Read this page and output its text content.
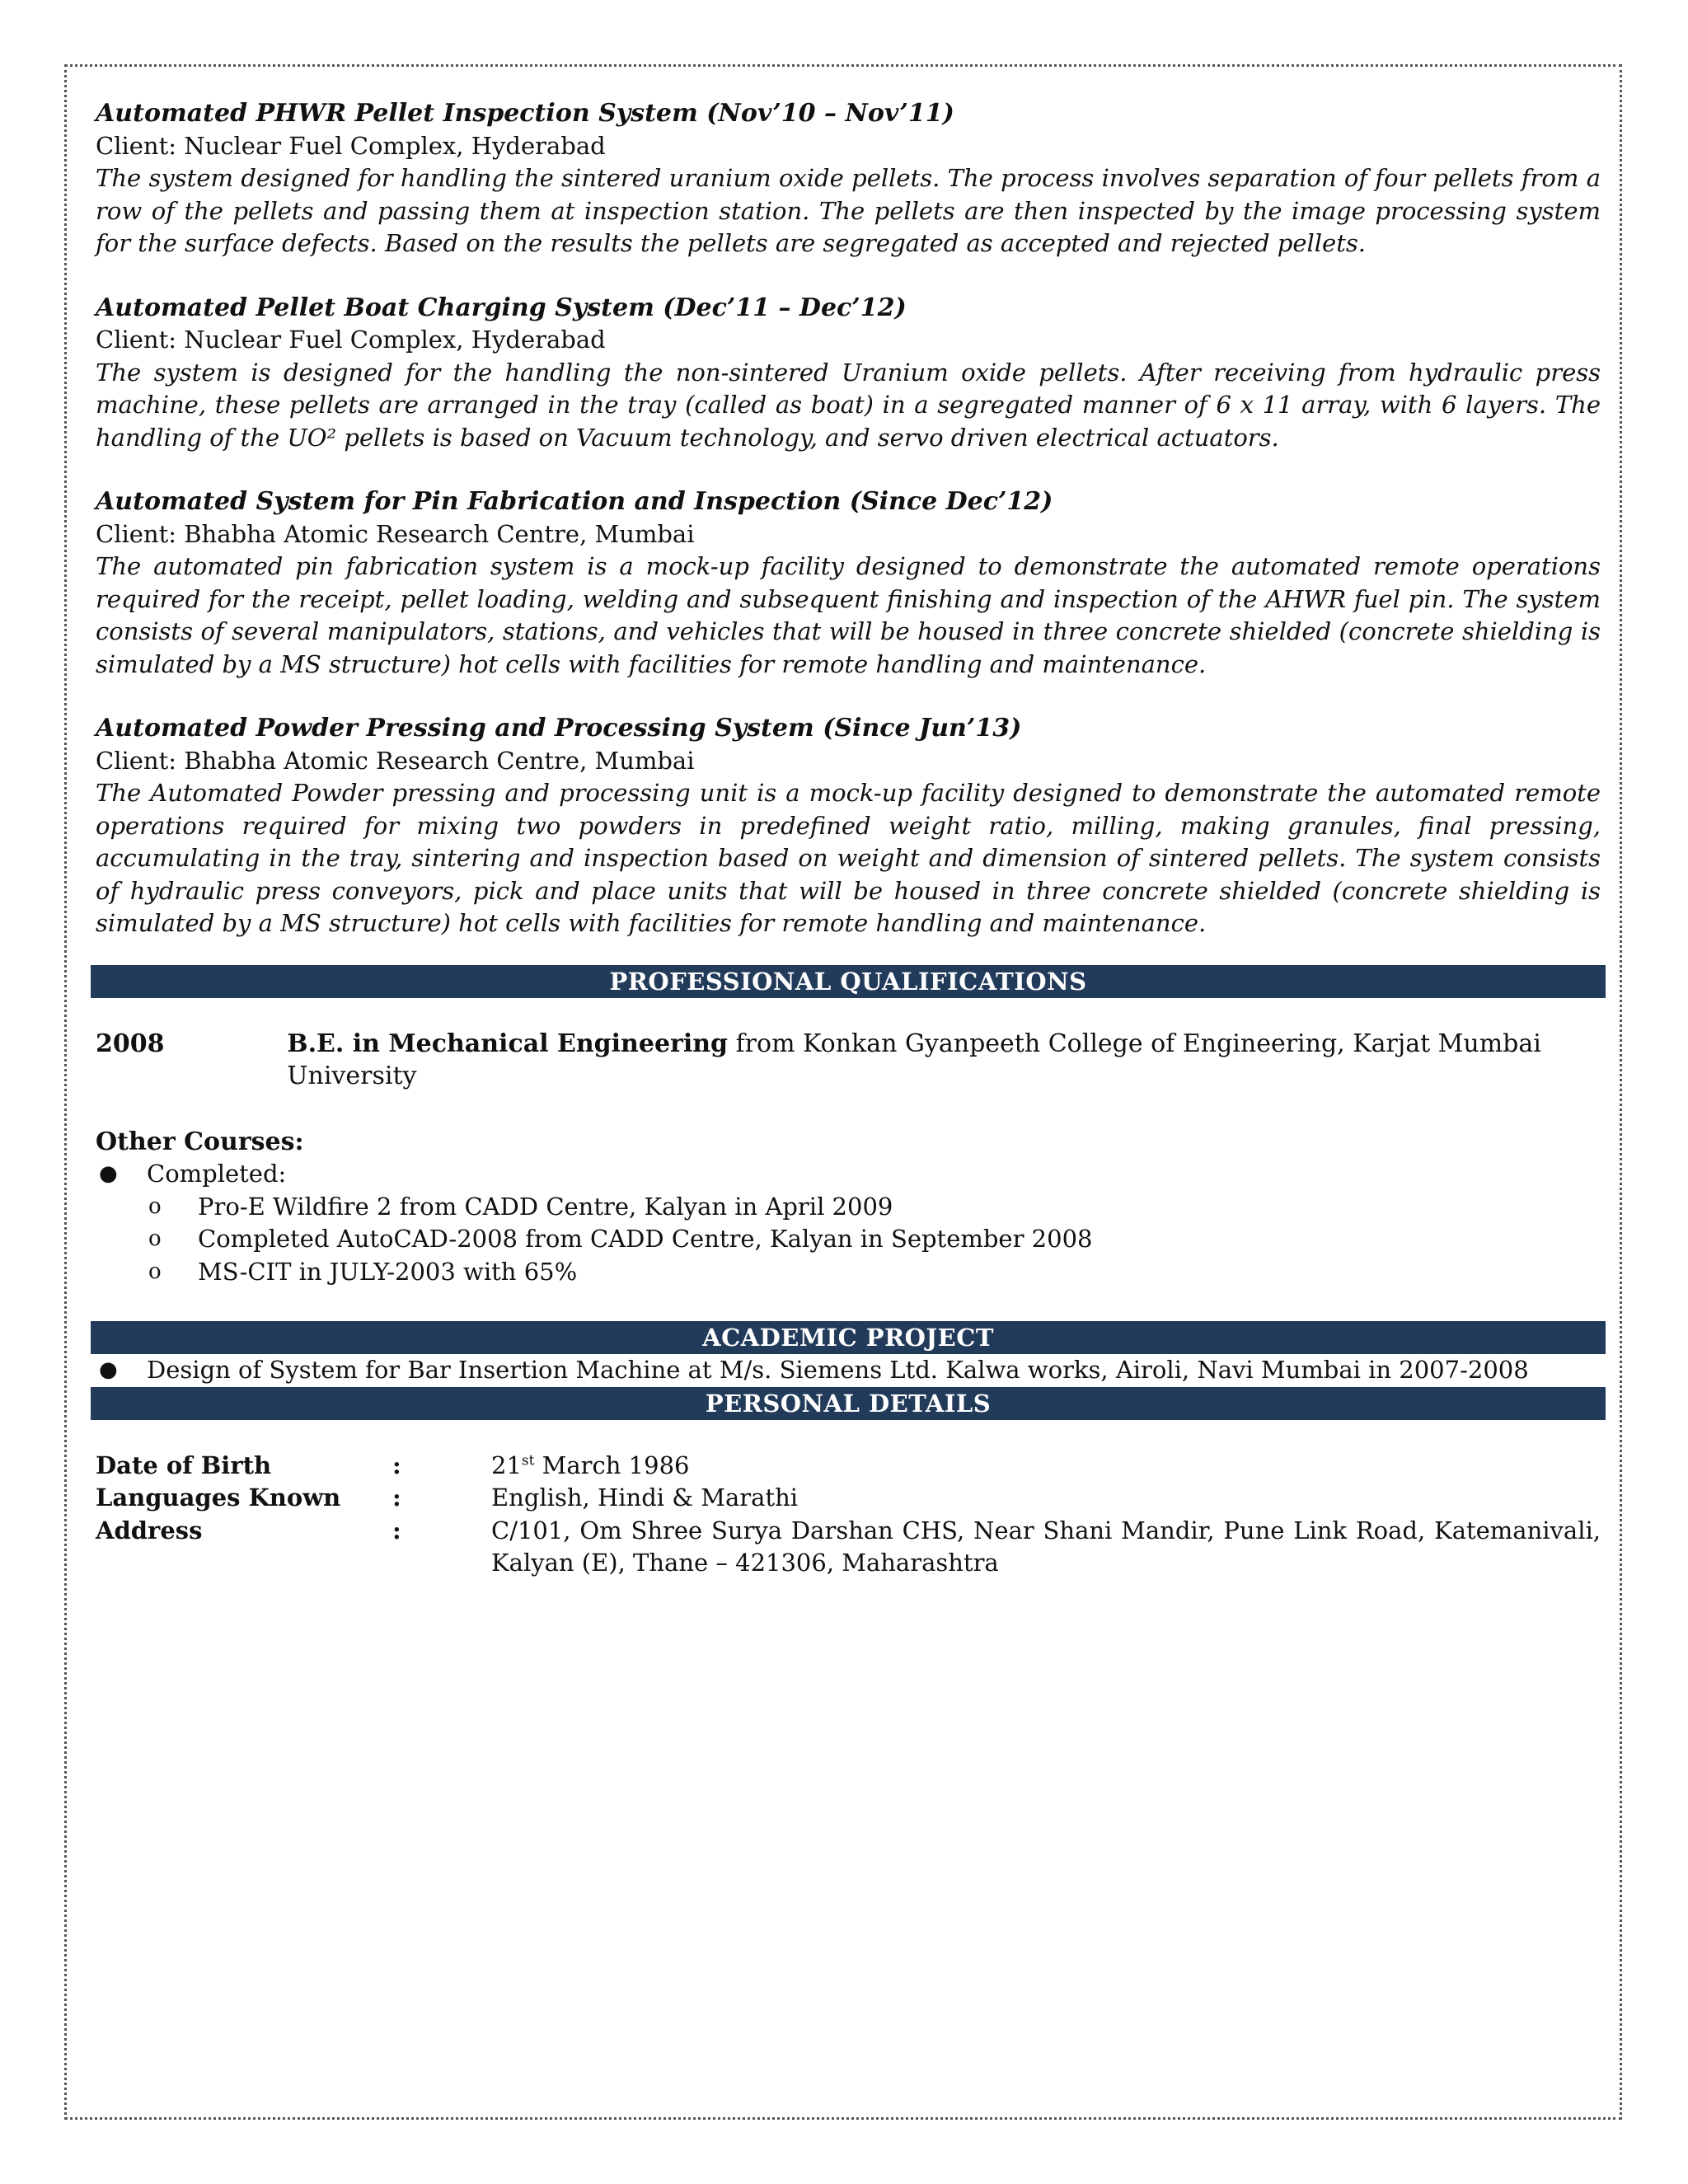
Automated PHWR Pellet Inspection System (Nov’10 – Nov’11)
Client: Nuclear Fuel Complex, Hyderabad
The system designed for handling the sintered uranium oxide pellets. The process involves separation of four pellets from a row of the pellets and passing them at inspection station. The pellets are then inspected by the image processing system for the surface defects. Based on the results the pellets are segregated as accepted and rejected pellets.
Automated Pellet Boat Charging System (Dec’11 – Dec’12)
Client: Nuclear Fuel Complex, Hyderabad
The system is designed for the handling the non-sintered Uranium oxide pellets. After receiving from hydraulic press machine, these pellets are arranged in the tray (called as boat) in a segregated manner of 6 x 11 array, with 6 layers. The handling of the UO² pellets is based on Vacuum technology, and servo driven electrical actuators.
Automated System for Pin Fabrication and Inspection (Since Dec’12)
Client: Bhabha Atomic Research Centre, Mumbai
The automated pin fabrication system is a mock-up facility designed to demonstrate the automated remote operations required for the receipt, pellet loading, welding and subsequent finishing and inspection of the AHWR fuel pin. The system consists of several manipulators, stations, and vehicles that will be housed in three concrete shielded (concrete shielding is simulated by a MS structure) hot cells with facilities for remote handling and maintenance.
Automated Powder Pressing and Processing System (Since Jun’13)
Client: Bhabha Atomic Research Centre, Mumbai
The Automated Powder pressing and processing unit is a mock-up facility designed to demonstrate the automated remote operations required for mixing two powders in predefined weight ratio, milling, making granules, final pressing, accumulating in the tray, sintering and inspection based on weight and dimension of sintered pellets. The system consists of hydraulic press conveyors, pick and place units that will be housed in three concrete shielded (concrete shielding is simulated by a MS structure) hot cells with facilities for remote handling and maintenance.
PROFESSIONAL QUALIFICATIONS
2008	B.E. in Mechanical Engineering from Konkan Gyanpeeth College of Engineering, Karjat Mumbai University
Other Courses:
● Completed:
o Pro-E Wildfire 2 from CADD Centre, Kalyan in April 2009
o Completed AutoCAD-2008 from CADD Centre, Kalyan in September 2008
o MS-CIT in JULY-2003 with 65%
ACADEMIC PROJECT
● Design of System for Bar Insertion Machine at M/s. Siemens Ltd. Kalwa works, Airoli, Navi Mumbai in 2007-2008
PERSONAL DETAILS
Date of Birth	:	21st March 1986
Languages Known	:	English, Hindi & Marathi
Address	:	C/101, Om Shree Surya Darshan CHS, Near Shani Mandir, Pune Link Road, Katemanivali, Kalyan (E), Thane – 421306, Maharashtra
